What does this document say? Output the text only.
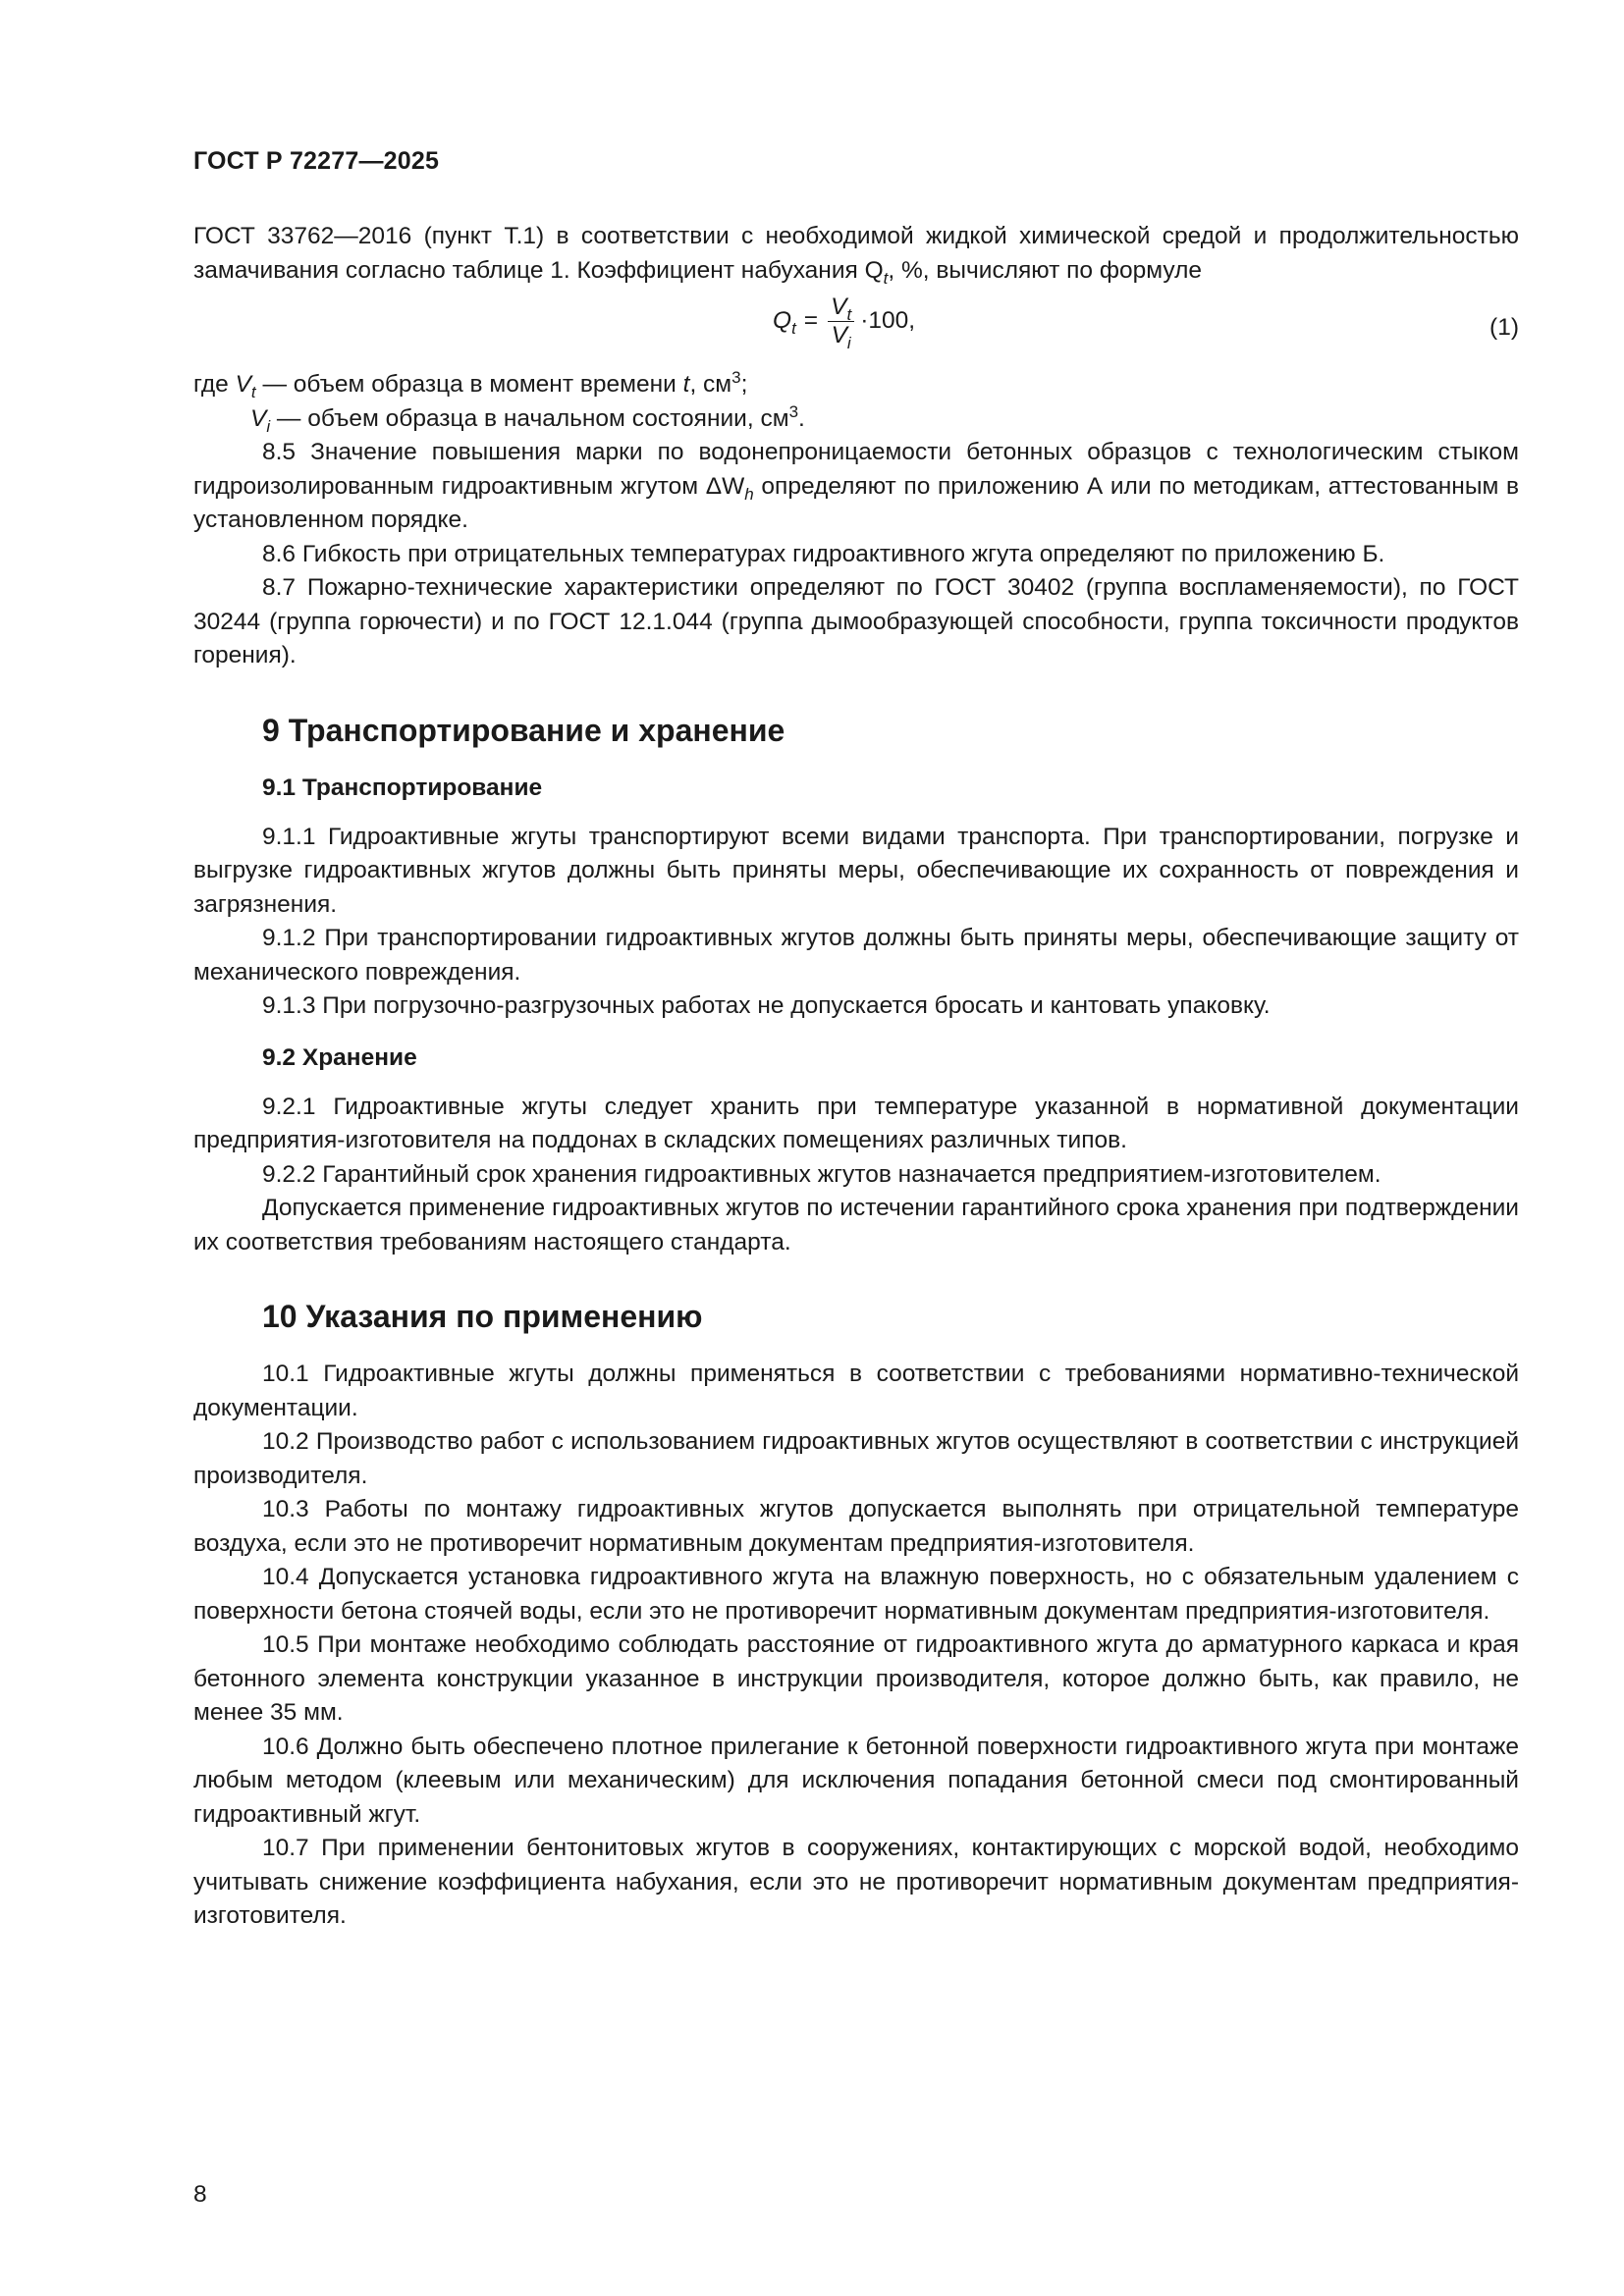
ГОСТ Р 72277—2025

ГОСТ 33762—2016 (пункт Т.1) в соответствии с необходимой жидкой химической средой и продолжительностью замачивания согласно таблице 1. Коэффициент набухания $Q_t$, %, вычисляют по формуле

Q $_t = \frac{V_t}{V_i} \cdot 100$,	(1)
где $V_t$ — объем образца в момент времени t, $см^3$;
$V_i$ — объем образца в начальном состоянии, $см^3$.

8.5 Значение повышения марки по водонепроницаемости бетонных образцов с технологическим стыком гидроизолированным гидроактивным жгутом $\Delta W_h$ определяют по приложению А или по методикам, аттестованным в установленном порядке.

8.6 Гибкость при отрицательных температурах гидроактивного жгута определяют по приложению Б.

8.7 Пожарно-технические характеристики определяют по ГОСТ 30402 (группа воспламеняемости), по ГОСТ 30244 (группа горючести) и по ГОСТ 12.1.044 (группа дымообразующей способности, группа токсичности продуктов горения).

9 Транспортирование и хранение
9.1 Транспортирование

9.1.1 Гидроактивные жгуты транспортируют всеми видами транспорта. При транспортировании, погрузке и выгрузке гидроактивных жгутов должны быть приняты меры, обеспечивающие их сохранность от повреждения и загрязнения.

9.1.2 При транспортировании гидроактивных жгутов должны быть приняты меры, обеспечивающие защиту от механического повреждения.

9.1.3 При погрузочно-разгрузочных работах не допускается бросать и кантовать упаковку.

9.2 Хранение

9.2.1 Гидроактивные жгуты следует хранить при температуре указанной в нормативной документации предприятия-изготовителя на поддонах в складских помещениях различных типов.

9.2.2 Гарантийный срок хранения гидроактивных жгутов назначается предприятием-изготовителем.

Допускается применение гидроактивных жгутов по истечении гарантийного срока хранения при подтверждении их соответствия требованиям настоящего стандарта.

10 Указания по применению

10.1 Гидроактивные жгуты должны применяться в соответствии с требованиями нормативно-технической документации.

10.2 Производство работ с использованием гидроактивных жгутов осуществляют в соответствии с инструкцией производителя.

10.3 Работы по монтажу гидроактивных жгутов допускается выполнять при отрицательной температуре воздуха, если это не противоречит нормативным документам предприятия-изготовителя.

10.4 Допускается установка гидроактивного жгута на влажную поверхность, но с обязательным удалением с поверхности бетона стоячей воды, если это не противоречит нормативным документам предприятия-изготовителя.

10.5 При монтаже необходимо соблюдать расстояние от гидроактивного жгута до арматурного каркаса и края бетонного элемента конструкции указанное в инструкции производителя, которое должно быть, как правило, не менее 35 мм.

10.6 Должно быть обеспечено плотное прилегание к бетонной поверхности гидроактивного жгута при монтаже любым методом (клеевым или механическим) для исключения попадания бетонной смеси под смонтированный гидроактивный жгут.

10.7 При применении бентонитовых жгутов в сооружениях, контактирующих с морской водой, необходимо учитывать снижение коэффициента набухания, если это не противоречит нормативным документам предприятия-изготовителя.

8
